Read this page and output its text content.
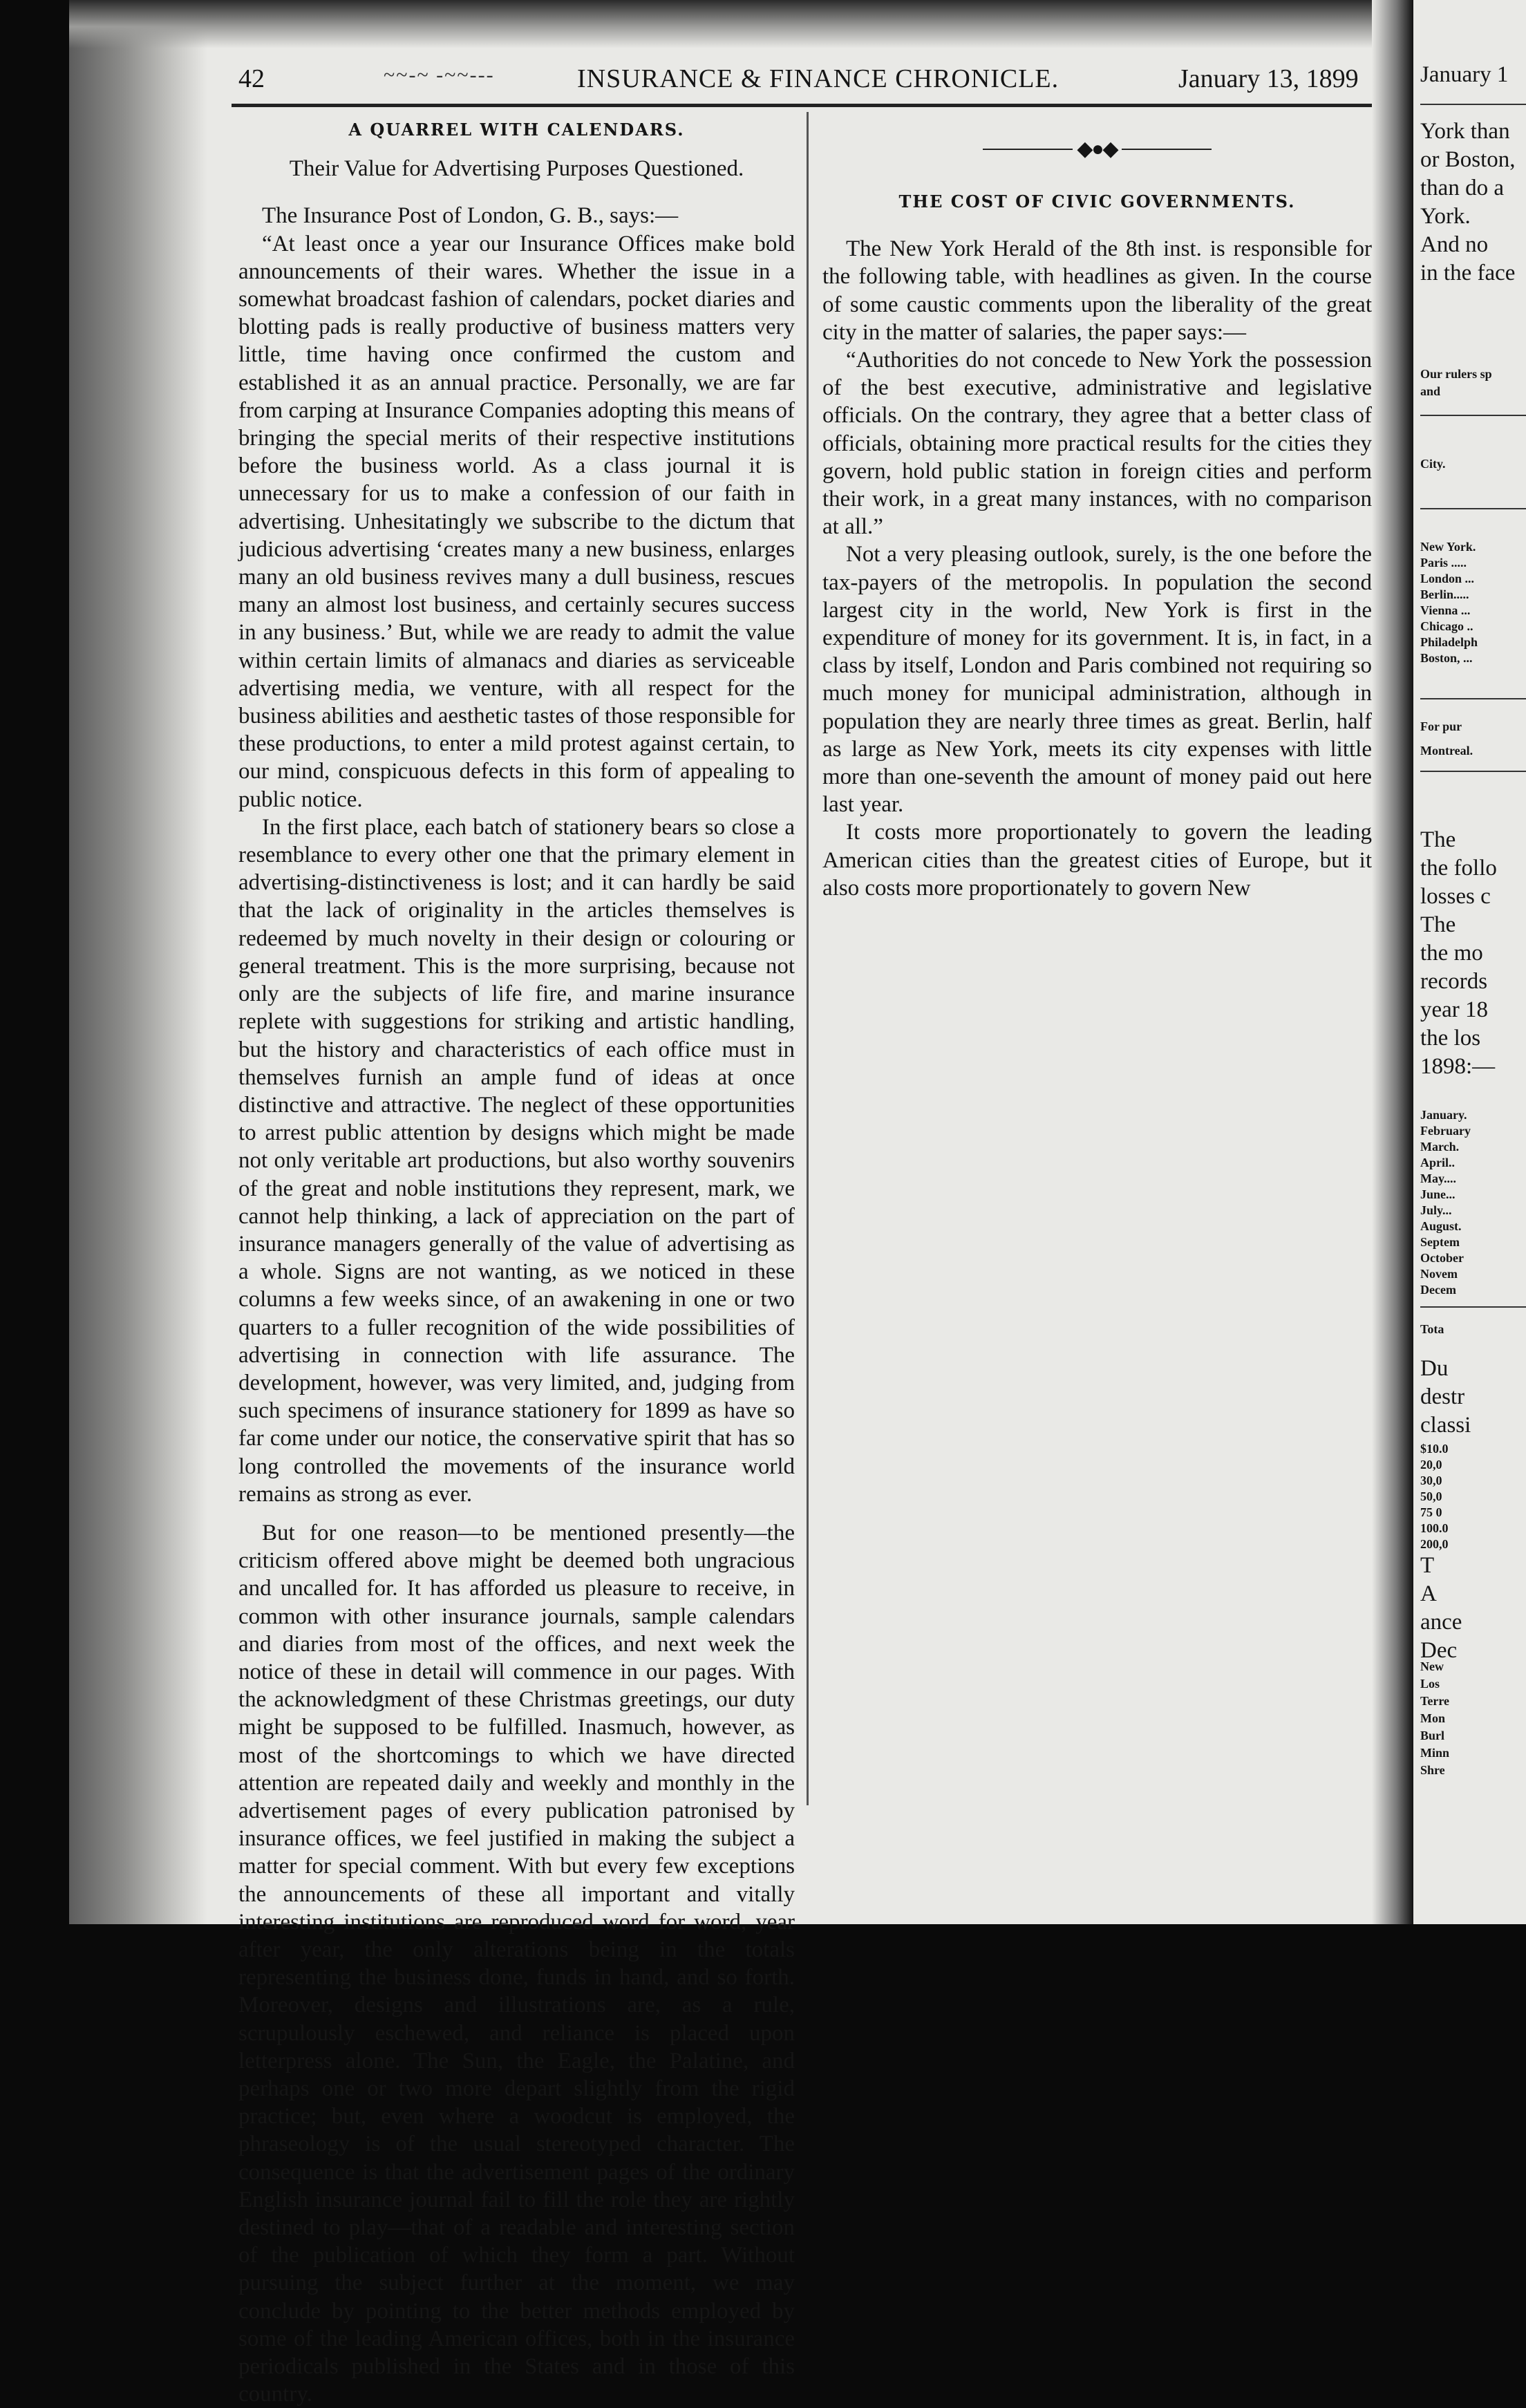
42	~~-~ -~~---	INSURANCE & FINANCE CHRONICLE.	January 13, 1899
A QUARREL WITH CALENDARS.

Their Value for Advertising Purposes Questioned.

The Insurance Post of London, G. B., says:—

“At least once a year our Insurance Offices make bold announcements of their wares. Whether the issue in a somewhat broadcast fashion of calendars, pocket diaries and blotting pads is really productive of business matters very little, time having once confirmed the custom and established it as an annual practice. Personally, we are far from carping at Insurance Companies adopting this means of bringing the special merits of their respective institutions before the business world. As a class journal it is unnecessary for us to make a confession of our faith in advertising. Unhesitatingly we subscribe to the dictum that judicious advertising ‘creates many a new business, enlarges many an old business revives many a dull business, rescues many an almost lost business, and certainly secures success in any business.’ But, while we are ready to admit the value within certain limits of almanacs and diaries as serviceable advertising media, we venture, with all respect for the business abilities and aesthetic tastes of those responsible for these productions, to enter a mild protest against certain, to our mind, conspicuous defects in this form of appealing to public notice.

In the first place, each batch of stationery bears so close a resemblance to every other one that the primary element in advertising-distinctiveness is lost; and it can hardly be said that the lack of originality in the articles themselves is redeemed by much novelty in their design or colouring or general treatment. This is the more surprising, because not only are the subjects of life fire, and marine insurance replete with suggestions for striking and artistic handling, but the history and characteristics of each office must in themselves furnish an ample fund of ideas at once distinctive and attractive. The neglect of these opportunities to arrest public attention by designs which might be made not only veritable art productions, but also worthy souvenirs of the great and noble institutions they represent, mark, we cannot help thinking, a lack of appreciation on the part of insurance managers generally of the value of advertising as a whole. Signs are not wanting, as we noticed in these columns a few weeks since, of an awakening in one or two quarters to a fuller recognition of the wide possibilities of advertising in connection with life assurance. The development, however, was very limited, and, judging from such specimens of insurance stationery for 1899 as have so far come under our notice, the conservative spirit that has so long controlled the movements of the insurance world remains as strong as ever.

But for one reason—to be mentioned presently—the criticism offered above might be deemed both ungracious and uncalled for. It has afforded us pleasure to receive, in common with other insurance journals, sample calendars and diaries from most of the offices, and next week the notice of these in detail will commence in our pages. With the acknowledgment of these Christmas greetings, our duty might be supposed to be fulfilled. Inasmuch, however, as most of the shortcomings to which we have directed attention are repeated daily and weekly and monthly in the advertisement pages of every publication patronised by insurance offices, we feel justified in making the subject a matter for special comment. With but every few exceptions the announcements of these all important and vitally interesting institutions are reproduced word for word, year after year, the only alterations being in the totals representing the business done, funds in hand, and so forth. Moreover, designs and illustrations are, as a rule, scrupulously eschewed, and reliance is placed upon letterpress alone. The Sun, the Eagle, the Palatine, and perhaps one or two more depart slightly from the rigid practice; but, even where a woodcut is employed, the phraseology is of the usual stereotyped character. The consequence is that the advertisement pages of the ordinary English insurance journal fail to fill the role they are rightly destined to play—that of a readable and interesting section of the publication of which they form a part. Without pursuing the subject further at the moment, we may conclude by pointing to the better methods employed by some of the leading American offices, both in the insurance periodicals published in the States and in those of this country.

◆●◆
THE COST OF CIVIC GOVERNMENTS.

The New York Herald of the 8th inst. is responsible for the following table, with headlines as given. In the course of some caustic comments upon the liberality of the great city in the matter of salaries, the paper says:—

“Authorities do not concede to New York the possession of the best executive, administrative and legislative officials. On the contrary, they agree that a better class of officials, obtaining more practical results for the cities they govern, hold public station in foreign cities and perform their work, in a great many instances, with no comparison at all.”

Not a very pleasing outlook, surely, is the one before the tax-payers of the metropolis. In population the second largest city in the world, New York is first in the expenditure of money for its government. It is, in fact, in a class by itself, London and Paris combined not requiring so much money for municipal administration, although in population they are nearly three times as great. Berlin, half as large as New York, meets its city expenses with little more than one-seventh the amount of money paid out here last year.

It costs more proportionately to govern the leading American cities than the greatest cities of Europe, but it also costs more proportionately to govern New

January 1
York than
or Boston,
than do a
York.
And no
in the face
Our rulers sp
and
City.
New York.
Paris .....
London ...
Berlin.....
Vienna ...
Chicago ..
Philadelph
Boston, ...
For pur
Montreal.
The
the follo
losses c
The
the mo
records
year 18
the los
1898:—
January.
February
March.
April..
May....
June...
July...
August.
Septem
October
Novem
Decem
Tota
Du
destr
classi
$10.0
20,0
30,0
50,0
75 0
100.0
200,0
T
A
ance
Dec
New
Los
Terre
Mon
Burl
Minn
Shre
